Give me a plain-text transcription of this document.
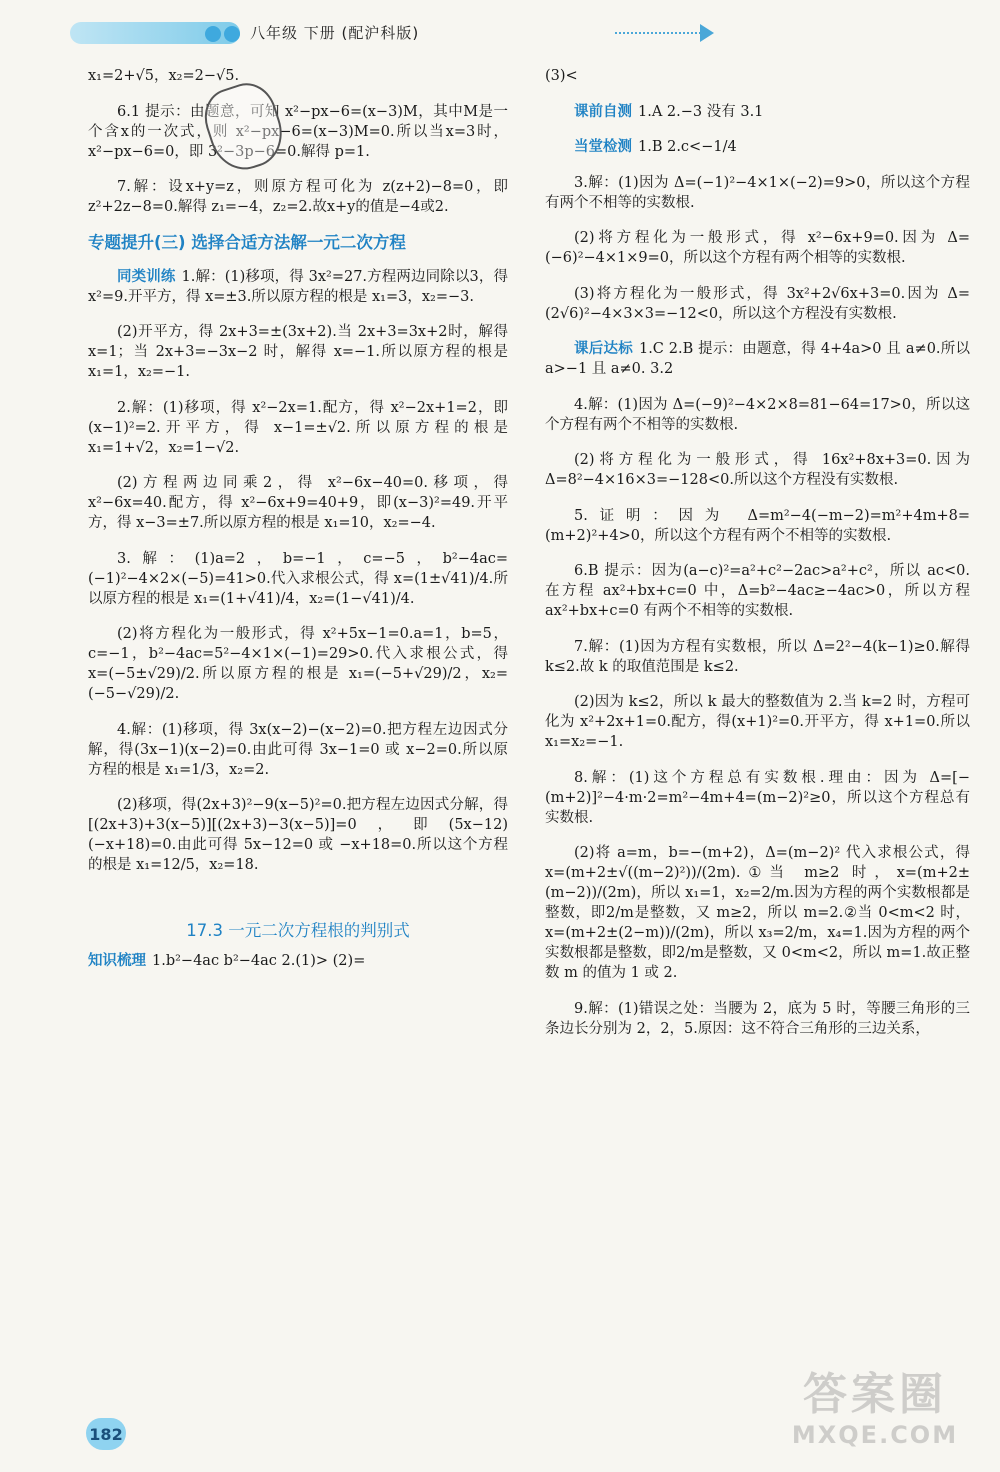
八年级 下册 (配沪科版)

x₁=2+√5，x₂=2−√5.

6.1 提示：由题意，可知 x²−px−6=(x−3)M，其中M是一个含x的一次式，则 x²−px−6=(x−3)M=0.所以当x=3时，x²−px−6=0，即 3²−3p−6=0.解得 p=1.

7.解：设x+y=z，则原方程可化为 z(z+2)−8=0，即z²+2z−8=0.解得 z₁=−4，z₂=2.故x+y的值是−4或2.

专题提升(三) 选择合适方法解一元二次方程

同类训练 1.解：(1)移项，得 3x²=27.方程两边同除以3，得 x²=9.开平方，得 x=±3.所以原方程的根是 x₁=3，x₂=−3.

(2)开平方，得 2x+3=±(3x+2).当 2x+3=3x+2时，解得 x=1；当 2x+3=−3x−2 时，解得 x=−1.所以原方程的根是 x₁=1，x₂=−1.

2.解：(1)移项，得 x²−2x=1.配方，得 x²−2x+1=2，即(x−1)²=2.开平方，得 x−1=±√2.所以原方程的根是x₁=1+√2，x₂=1−√2.

(2)方程两边同乘2，得 x²−6x−40=0.移项，得 x²−6x=40.配方，得 x²−6x+9=40+9，即(x−3)²=49.开平方，得 x−3=±7.所以原方程的根是 x₁=10，x₂=−4.

3.解：(1)a=2，b=−1，c=−5，b²−4ac=(−1)²−4×2×(−5)=41>0.代入求根公式，得 x=(1±√41)/4.所以原方程的根是 x₁=(1+√41)/4，x₂=(1−√41)/4.

(2)将方程化为一般形式，得 x²+5x−1=0.a=1，b=5，c=−1，b²−4ac=5²−4×1×(−1)=29>0.代入求根公式，得 x=(−5±√29)/2.所以原方程的根是 x₁=(−5+√29)/2，x₂=(−5−√29)/2.

4.解：(1)移项，得 3x(x−2)−(x−2)=0.把方程左边因式分解，得(3x−1)(x−2)=0.由此可得 3x−1=0 或 x−2=0.所以原方程的根是 x₁=1/3，x₂=2.

(2)移项，得(2x+3)²−9(x−5)²=0.把方程左边因式分解，得[(2x+3)+3(x−5)][(2x+3)−3(x−5)]=0，即(5x−12)(−x+18)=0.由此可得 5x−12=0 或 −x+18=0.所以这个方程的根是 x₁=12/5，x₂=18.

17.3 一元二次方程根的判别式

知识梳理 1.b²−4ac b²−4ac 2.(1)> (2)=

(3)<

课前自测 1.A 2.−3 没有 3.1

当堂检测 1.B 2.c<−1/4

3.解：(1)因为 Δ=(−1)²−4×1×(−2)=9>0，所以这个方程有两个不相等的实数根.

(2)将方程化为一般形式，得 x²−6x+9=0.因为 Δ=(−6)²−4×1×9=0，所以这个方程有两个相等的实数根.

(3)将方程化为一般形式，得 3x²+2√6x+3=0.因为 Δ=(2√6)²−4×3×3=−12<0，所以这个方程没有实数根.

课后达标 1.C 2.B 提示：由题意，得 4+4a>0 且 a≠0.所以 a>−1 且 a≠0. 3.2

4.解：(1)因为 Δ=(−9)²−4×2×8=81−64=17>0，所以这个方程有两个不相等的实数根.

(2)将方程化为一般形式，得 16x²+8x+3=0.因为 Δ=8²−4×16×3=−128<0.所以这个方程没有实数根.

5.证明：因为 Δ=m²−4(−m−2)=m²+4m+8=(m+2)²+4>0，所以这个方程有两个不相等的实数根.

6.B 提示：因为(a−c)²=a²+c²−2ac>a²+c²，所以 ac<0.在方程 ax²+bx+c=0 中，Δ=b²−4ac≥−4ac>0，所以方程 ax²+bx+c=0 有两个不相等的实数根.

7.解：(1)因为方程有实数根，所以 Δ=2²−4(k−1)≥0.解得 k≤2.故 k 的取值范围是 k≤2.

(2)因为 k≤2，所以 k 最大的整数值为 2.当 k=2 时，方程可化为 x²+2x+1=0.配方，得(x+1)²=0.开平方，得 x+1=0.所以 x₁=x₂=−1.

8.解：(1)这个方程总有实数根.理由：因为 Δ=[−(m+2)]²−4·m·2=m²−4m+4=(m−2)²≥0，所以这个方程总有实数根.

(2)将 a=m，b=−(m+2)，Δ=(m−2)² 代入求根公式，得 x=(m+2±√((m−2)²))/(2m).①当 m≥2 时，x=(m+2±(m−2))/(2m)，所以 x₁=1，x₂=2/m.因为方程的两个实数根都是整数，即2/m是整数，又 m≥2，所以 m=2.②当 0<m<2 时，x=(m+2±(2−m))/(2m)，所以 x₃=2/m，x₄=1.因为方程的两个实数根都是整数，即2/m是整数，又 0<m<2，所以 m=1.故正整数 m 的值为 1 或 2.

9.解：(1)错误之处：当腰为 2，底为 5 时，等腰三角形的三条边长分别为 2，2，5.原因：这不符合三角形的三边关系，

182
答案圈
MXQE.COM
